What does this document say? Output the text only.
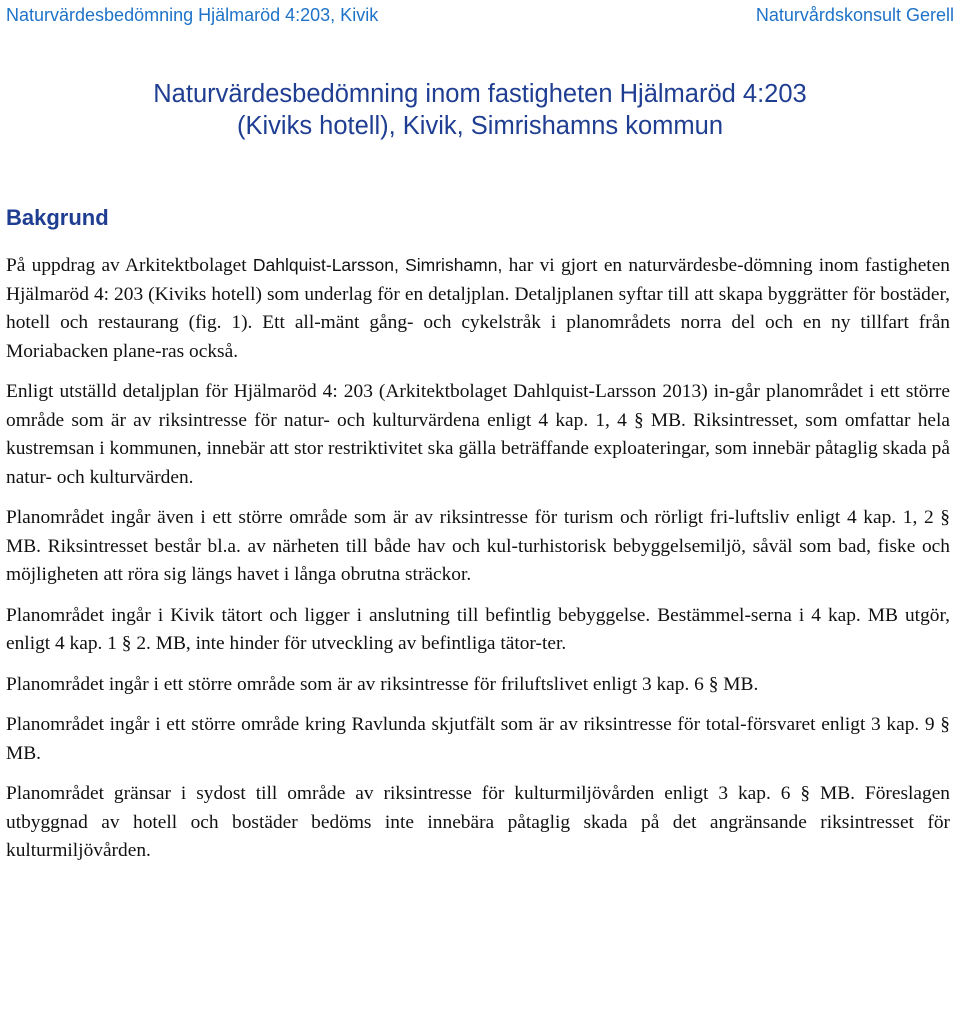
Naturvärdesbedömning Hjälmaröd 4:203, Kivik	Naturvårdskonsult Gerell
Naturvärdesbedömning inom fastigheten Hjälmaröd 4:203
(Kiviks hotell), Kivik, Simrishamns kommun
Bakgrund

På uppdrag av Arkitektbolaget Dahlquist-Larsson, Simrishamn, har vi gjort en naturvärdesbe-dömning inom fastigheten Hjälmaröd 4: 203 (Kiviks hotell) som underlag för en detaljplan. Detaljplanen syftar till att skapa byggrätter för bostäder, hotell och restaurang (fig. 1). Ett all-mänt gång- och cykelstråk i planområdets norra del och en ny tillfart från Moriabacken plane-ras också.

Enligt utställd detaljplan för Hjälmaröd 4: 203 (Arkitektbolaget Dahlquist-Larsson 2013) in-går planområdet i ett större område som är av riksintresse för natur- och kulturvärdena enligt 4 kap. 1, 4 § MB. Riksintresset, som omfattar hela kustremsan i kommunen, innebär att stor restriktivitet ska gälla beträffande exploateringar, som innebär påtaglig skada på natur- och kulturvärden.

Planområdet ingår även i ett större område som är av riksintresse för turism och rörligt fri-luftsliv enligt 4 kap. 1, 2 § MB. Riksintresset består bl.a. av närheten till både hav och kul-turhistorisk bebyggelsemiljö, såväl som bad, fiske och möjligheten att röra sig längs havet i långa obrutna sträckor.

Planområdet ingår i Kivik tätort och ligger i anslutning till befintlig bebyggelse. Bestämmel-serna i 4 kap. MB utgör, enligt 4 kap. 1 § 2. MB, inte hinder för utveckling av befintliga tätor-ter.

Planområdet ingår i ett större område som är av riksintresse för friluftslivet enligt 3 kap. 6 § MB.

Planområdet ingår i ett större område kring Ravlunda skjutfält som är av riksintresse för total-försvaret enligt 3 kap. 9 § MB.

Planområdet gränsar i sydost till område av riksintresse för kulturmiljövården enligt 3 kap. 6 § MB. Föreslagen utbyggnad av hotell och bostäder bedöms inte innebära påtaglig skada på det angränsande riksintresset för kulturmiljövården.
